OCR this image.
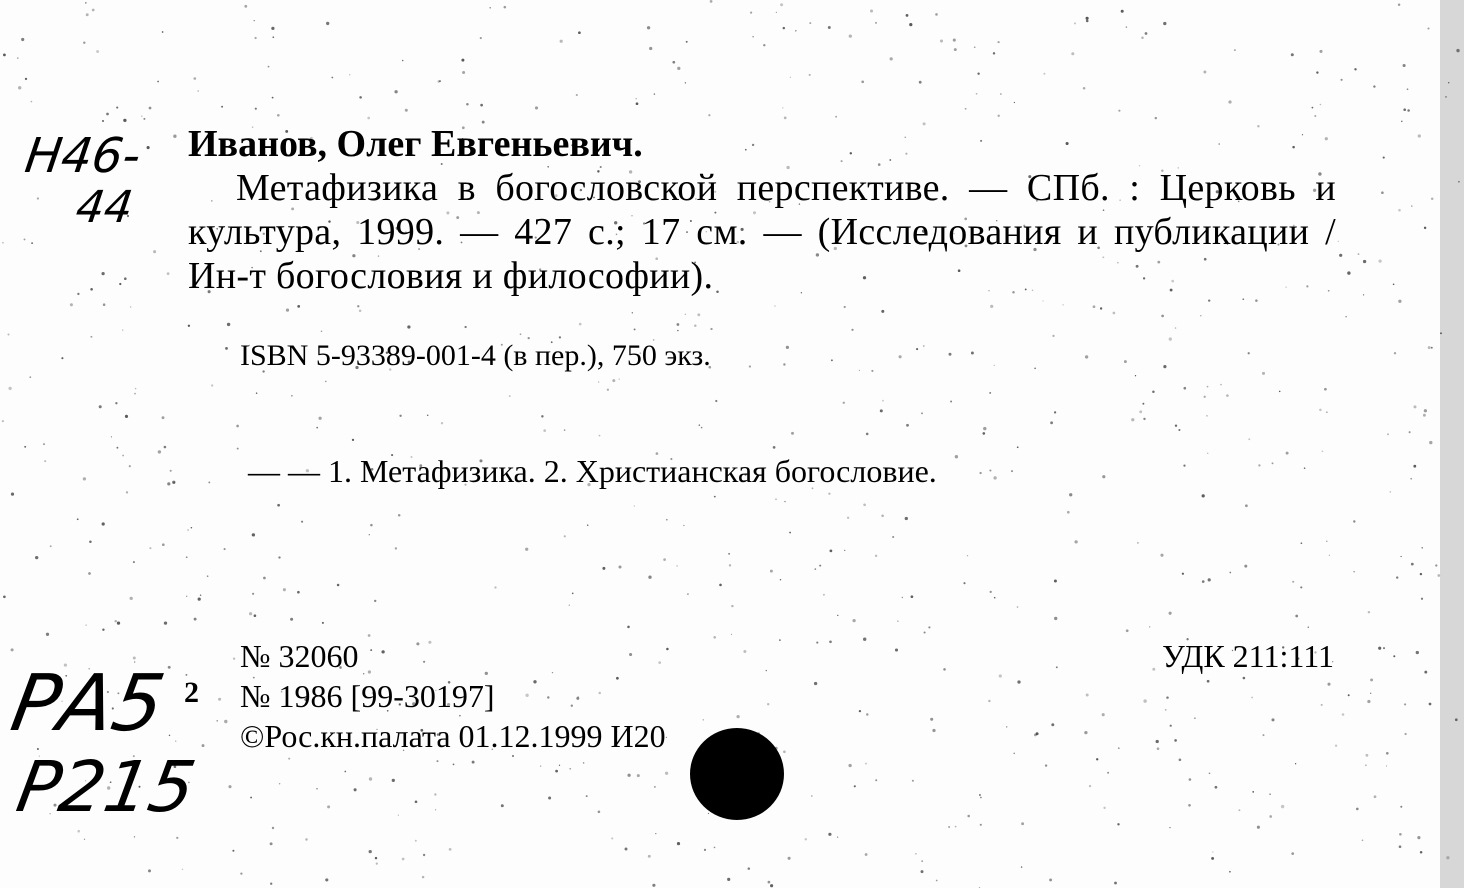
Н46-
44

Иванов, Олег Евгеньевич.

Метафизика в богословской перспективе. — СПб. : Церковь и культура, 1999. — 427 с.; 17 см. — (Исследования и публикации / Ин-т богословия и философии).

ISBN 5-93389-001-4 (в пер.), 750 экз.
— — 1. Метафизика. 2. Христианская богословие.
2
№ 32060
№ 1986 [99-30197]
©Рос.кн.палата 01.12.1999 И20
УДК 211:111
РА5
Р215
